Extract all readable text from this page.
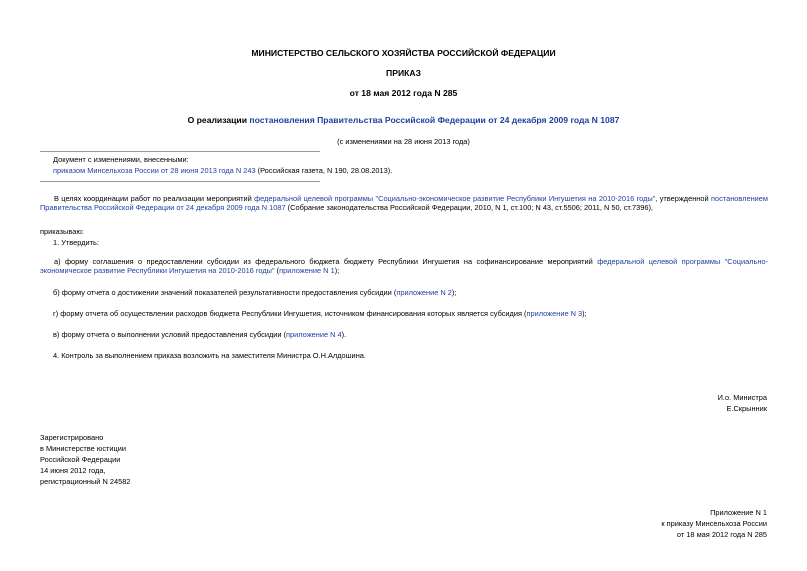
МИНИСТЕРСТВО СЕЛЬСКОГО ХОЗЯЙСТВА РОССИЙСКОЙ ФЕДЕРАЦИИ
ПРИКАЗ
от 18 мая 2012 года N 285
О реализации постановления Правительства Российской Федерации от 24 декабря 2009 года N 1087
(с изменениями на 28 июня 2013 года)
Документ с изменениями, внесенными:
приказом Минсельхоза России от 28 июня 2013 года N 243 (Российская газета, N 190, 28.08.2013).
В целях координации работ по реализации мероприятий федеральной целевой программы "Социально-экономическое развитие Республики Ингушетия на 2010-2016 годы", утвержденной постановлением Правительства Российской Федерации от 24 декабря 2009 года N 1087 (Собрание законодательства Российской Федерации, 2010, N 1, ст.100; N 43, ст.5506; 2011, N 50, ст.7396),
приказываю:
1. Утвердить:
а) форму соглашения о предоставлении субсидии из федерального бюджета бюджету Республики Ингушетия на софинансирование мероприятий федеральной целевой программы "Социально-экономическое развитие Республики Ингушетия на 2010-2016 годы" (приложение N 1);
б) форму отчета о достижении значений показателей результативности предоставления субсидии (приложение N 2);
г) форму отчета об осуществлении расходов бюджета Республики Ингушетия, источником финансирования которых является субсидия (приложение N 3);
в) форму отчета о выполнении условий предоставления субсидии (приложение N 4).
4. Контроль за выполнением приказа возложить на заместителя Министра О.Н.Алдошина.
И.о. Министра
Е.Скрынник
Зарегистрировано
в Министерстве юстиции
Российской Федерации
14 июня 2012 года,
регистрационный N 24582
Приложение N 1
к приказу Минсельхоза России
от 18 мая 2012 года N 285
